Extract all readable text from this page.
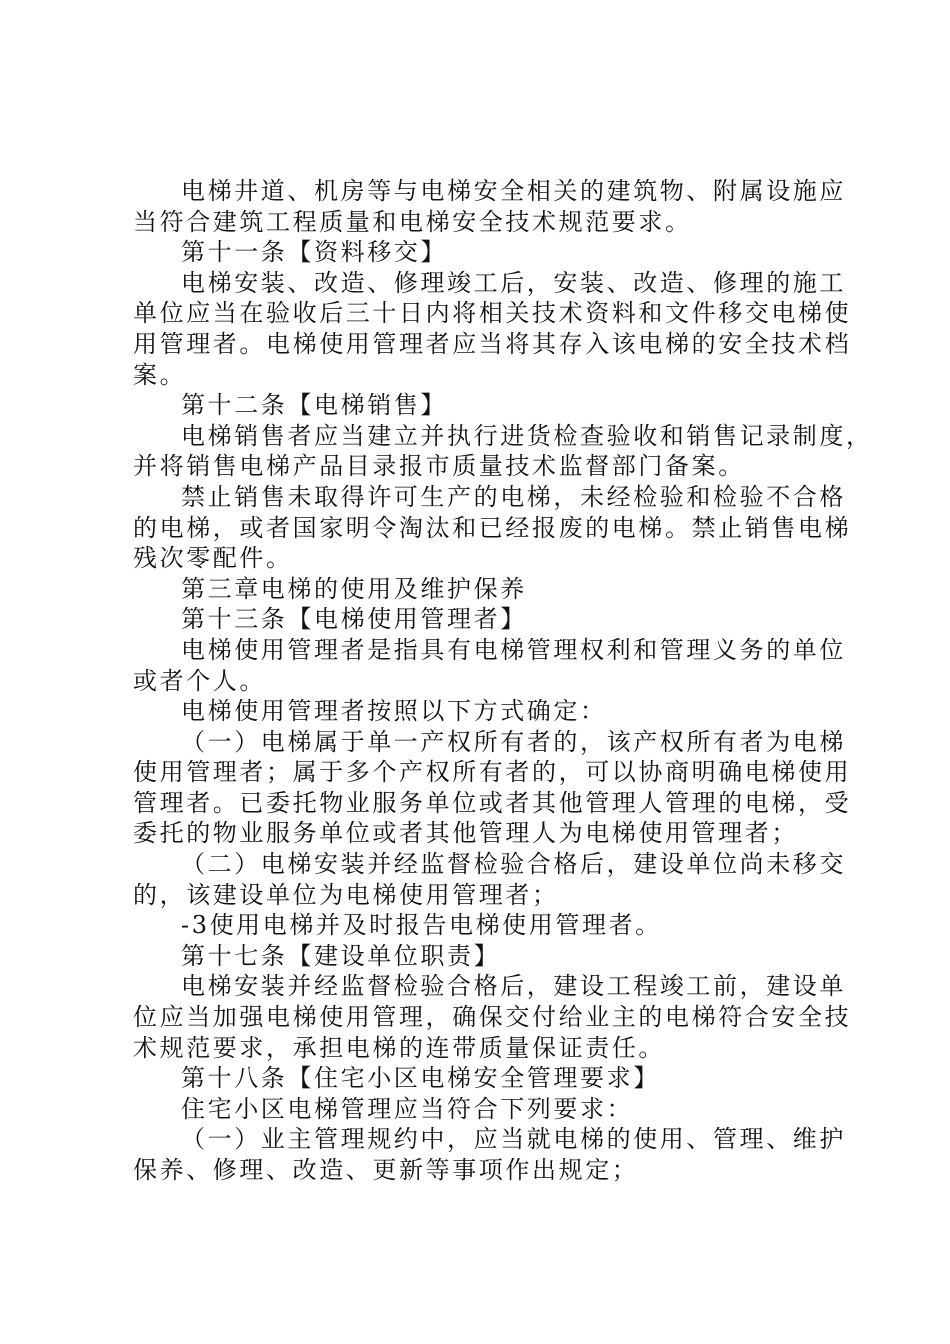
电梯井道、机房等与电梯安全相关的建筑物、附属设施应
当符合建筑工程质量和电梯安全技术规范要求。
第十一条【资料移交】
电梯安装、改造、修理竣工后，安装、改造、修理的施工
单位应当在验收后三十日内将相关技术资料和文件移交电梯使
用管理者。电梯使用管理者应当将其存入该电梯的安全技术档
案。
第十二条【电梯销售】
电梯销售者应当建立并执行进货检查验收和销售记录制度，
并将销售电梯产品目录报市质量技术监督部门备案。
禁止销售未取得许可生产的电梯，未经检验和检验不合格
的电梯，或者国家明令淘汰和已经报废的电梯。禁止销售电梯
残次零配件。
第三章电梯的使用及维护保养
第十三条【电梯使用管理者】
电梯使用管理者是指具有电梯管理权利和管理义务的单位
或者个人。
电梯使用管理者按照以下方式确定：
（一）电梯属于单一产权所有者的，该产权所有者为电梯
使用管理者；属于多个产权所有者的，可以协商明确电梯使用
管理者。已委托物业服务单位或者其他管理人管理的电梯，受
委托的物业服务单位或者其他管理人为电梯使用管理者；
（二）电梯安装并经监督检验合格后，建设单位尚未移交
的，该建设单位为电梯使用管理者；
-3使用电梯并及时报告电梯使用管理者。
第十七条【建设单位职责】
电梯安装并经监督检验合格后，建设工程竣工前，建设单
位应当加强电梯使用管理，确保交付给业主的电梯符合安全技
术规范要求，承担电梯的连带质量保证责任。
第十八条【住宅小区电梯安全管理要求】
住宅小区电梯管理应当符合下列要求：
（一）业主管理规约中，应当就电梯的使用、管理、维护
保养、修理、改造、更新等事项作出规定；
